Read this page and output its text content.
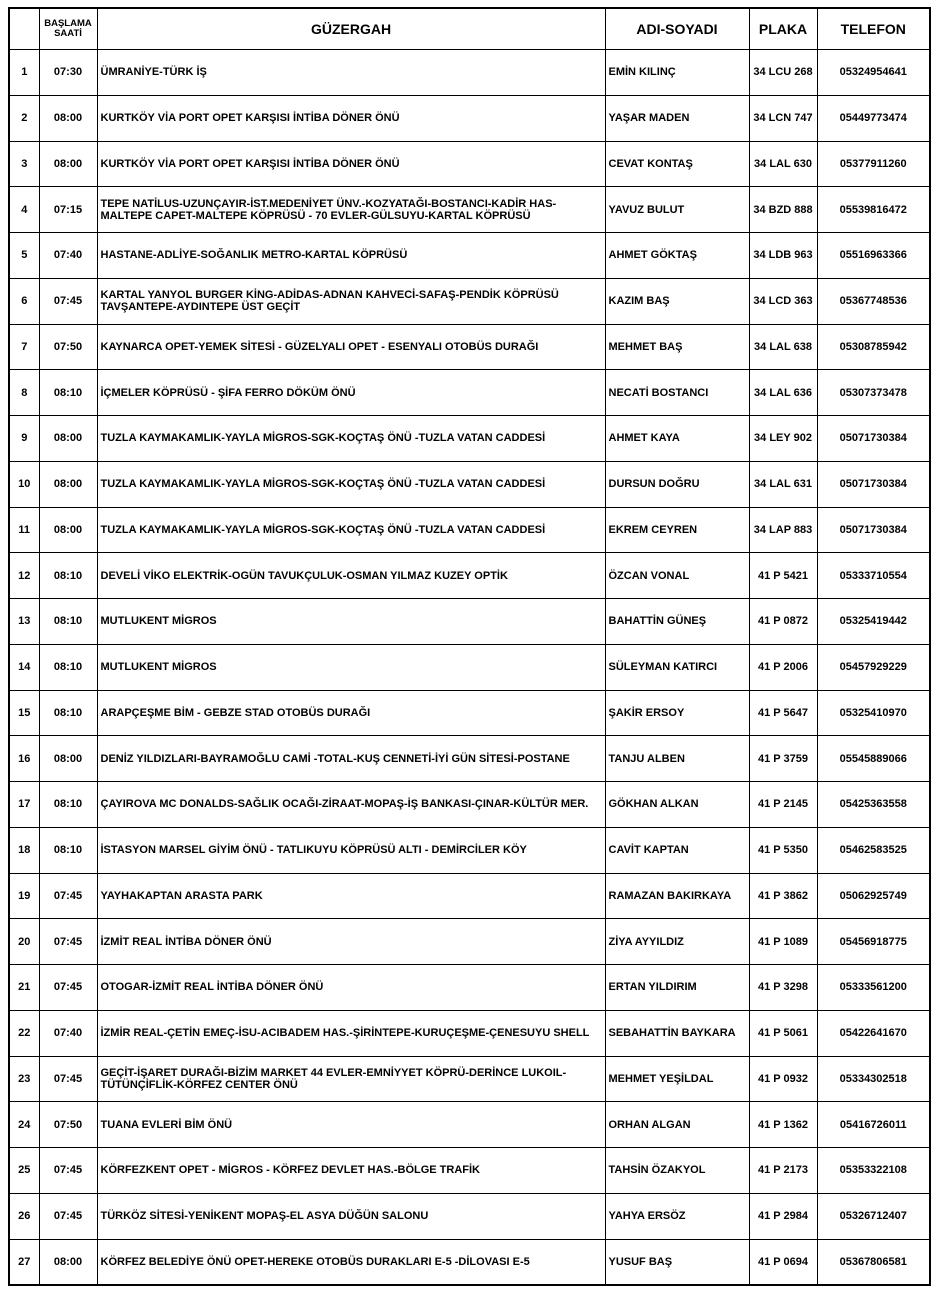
	BAŞLAMA
SAATİ	GÜZERGAH	ADI-SOYADI	PLAKA	TELEFON
1	07:30	ÜMRANİYE-TÜRK İŞ	EMİN KILINÇ	34 LCU 268	05324954641
2	08:00	KURTKÖY VİA PORT OPET KARŞISI İNTİBA DÖNER ÖNÜ	YAŞAR MADEN	34 LCN 747	05449773474
3	08:00	KURTKÖY VİA PORT OPET KARŞISI İNTİBA DÖNER ÖNÜ	CEVAT KONTAŞ	34 LAL 630	05377911260
4	07:15	TEPE NATİLUS-UZUNÇAYIR-İST.MEDENİYET ÜNV.-KOZYATAĞI-BOSTANCI-KADİR HAS-MALTEPE CAPET-MALTEPE KÖPRÜSÜ - 70 EVLER-GÜLSUYU-KARTAL KÖPRÜSÜ	YAVUZ BULUT	34 BZD 888	05539816472
5	07:40	HASTANE-ADLİYE-SOĞANLIK METRO-KARTAL KÖPRÜSÜ	AHMET GÖKTAŞ	34 LDB 963	05516963366
6	07:45	KARTAL YANYOL BURGER KİNG-ADİDAS-ADNAN KAHVECİ-SAFAŞ-PENDİK KÖPRÜSÜ TAVŞANTEPE-AYDINTEPE ÜST GEÇİT	KAZIM BAŞ	34 LCD 363	05367748536
7	07:50	KAYNARCA OPET-YEMEK SİTESİ - GÜZELYALI OPET - ESENYALI OTOBÜS DURAĞI	MEHMET BAŞ	34 LAL 638	05308785942
8	08:10	İÇMELER KÖPRÜSÜ - ŞİFA FERRO DÖKÜM ÖNÜ	NECATİ BOSTANCI	34 LAL 636	05307373478
9	08:00	TUZLA KAYMAKAMLIK-YAYLA MİGROS-SGK-KOÇTAŞ ÖNÜ -TUZLA VATAN CADDESİ	AHMET KAYA	34 LEY 902	05071730384
10	08:00	TUZLA KAYMAKAMLIK-YAYLA MİGROS-SGK-KOÇTAŞ ÖNÜ -TUZLA VATAN CADDESİ	DURSUN DOĞRU	34 LAL 631	05071730384
11	08:00	TUZLA KAYMAKAMLIK-YAYLA MİGROS-SGK-KOÇTAŞ ÖNÜ -TUZLA VATAN CADDESİ	EKREM CEYREN	34 LAP 883	05071730384
12	08:10	DEVELİ VİKO ELEKTRİK-OGÜN TAVUKÇULUK-OSMAN YILMAZ KUZEY OPTİK	ÖZCAN VONAL	41 P 5421	05333710554
13	08:10	MUTLUKENT MİGROS	BAHATTİN GÜNEŞ	41 P 0872	05325419442
14	08:10	MUTLUKENT MİGROS	SÜLEYMAN KATIRCI	41 P 2006	05457929229
15	08:10	ARAPÇEŞME BİM - GEBZE STAD OTOBÜS DURAĞI	ŞAKİR ERSOY	41 P 5647	05325410970
16	08:00	DENİZ YILDIZLARI-BAYRAMOĞLU CAMİ -TOTAL-KUŞ CENNETİ-İYİ GÜN SİTESİ-POSTANE	TANJU ALBEN	41 P 3759	05545889066
17	08:10	ÇAYIROVA MC DONALDS-SAĞLIK OCAĞI-ZİRAAT-MOPAŞ-İŞ BANKASI-ÇINAR-KÜLTÜR MER.	GÖKHAN ALKAN	41 P 2145	05425363558
18	08:10	İSTASYON MARSEL GİYİM ÖNÜ - TATLIKUYU KÖPRÜSÜ ALTI - DEMİRCİLER KÖY	CAVİT KAPTAN	41 P 5350	05462583525
19	07:45	YAYHAKAPTAN ARASTA PARK	RAMAZAN BAKIRKAYA	41 P 3862	05062925749
20	07:45	İZMİT REAL İNTİBA DÖNER ÖNÜ	ZİYA AYYILDIZ	41 P 1089	05456918775
21	07:45	OTOGAR-İZMİT REAL İNTİBA DÖNER ÖNÜ	ERTAN YILDIRIM	41 P 3298	05333561200
22	07:40	İZMİR REAL-ÇETİN EMEÇ-İSU-ACIBADEM HAS.-ŞİRİNTEPE-KURUÇEŞME-ÇENESUYU SHELL	SEBAHATTİN BAYKARA	41 P 5061	05422641670
23	07:45	GEÇİT-İŞARET DURAĞI-BİZİM MARKET 44 EVLER-EMNİYYET KÖPRÜ-DERİNCE LUKOIL-TÜTÜNÇİFLİK-KÖRFEZ CENTER ÖNÜ	MEHMET YEŞİLDAL	41 P 0932	05334302518
24	07:50	TUANA EVLERİ BİM ÖNÜ	ORHAN ALGAN	41 P 1362	05416726011
25	07:45	KÖRFEZKENT OPET - MİGROS - KÖRFEZ DEVLET HAS.-BÖLGE TRAFİK	TAHSİN ÖZAKYOL	41 P 2173	05353322108
26	07:45	TÜRKÖZ SİTESİ-YENİKENT MOPAŞ-EL ASYA DÜĞÜN SALONU	YAHYA ERSÖZ	41 P 2984	05326712407
27	08:00	KÖRFEZ BELEDİYE ÖNÜ OPET-HEREKE OTOBÜS DURAKLARI E-5 -DİLOVASI E-5	YUSUF BAŞ	41 P 0694	05367806581
